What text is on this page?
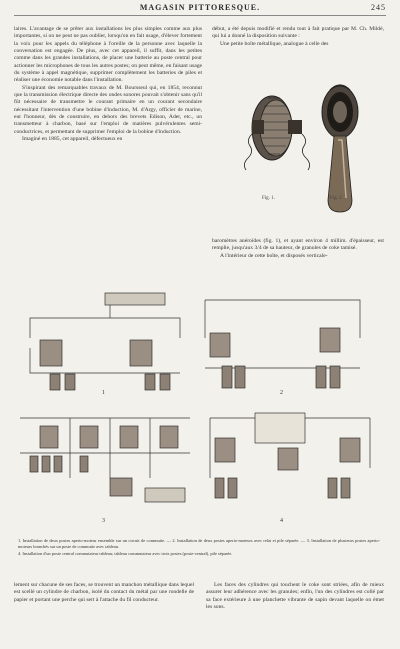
MAGASIN PITTORESQUE.	245

laires. L'avantage de se prêter aux installations les plus simples comme aux plus importantes, si on ne peut ne pas oublier, lorsqu'on en fait usage, d'élever fortement la voix pour les appels du téléphone à l'oreille de la personne avec laquelle la conversation est engagée. De plus, avec cet appareil, il suffit, dans les petites comme dans les grandes installations, de placer une batterie au poste central pour actionner les microphones de tous les autres postes; on peut même, en faisant usage du système à appel magnétique, supprimer complètement les batteries de piles et réaliser une économie notable dans l'installation.

S'inspirant des remarquables travaux de M. Boursseul qui, en 1854, reconnut que la transmission électrique directe des ondes sonores pouvait s'obtenir sans qu'il fût nécessaire de transmettre le courant primaire en un courant secondaire nécessitant l'intervention d'une bobine d'induction, M. d'Argy, officier de marine, eut l'honneur, dès de construire, en dehors des brevets Edison, Ader, etc., un transmetteur à charbon, basé sur l'emploi de matières pulvérulentes semi-conductrices, et permettant de supprimer l'emploi de la bobine d'induction.

Imaginé en 1885, cet appareil, défectueux en

début, a été depuis modifié et rendu tout à fait pratique par M. Ch. Mildé, qui lui a donné la disposition suivante :

Une petite boîte métallique, analogue à celle des

Fig. 1.	Fig. 2.

baromètres anéroïdes (fig. 1), et ayant environ 4 millim. d'épaisseur, est remplie, jusqu'aux 3/4 de sa hauteur, de granules de coke tamisé.

A l'intérieur de cette boîte, et disposés verticale-

1	2
3	4
1. Installation de deux postes aperio-moteur ensemble sur un circuit de commutie. — 2. Installation de deux postes aperio-moteurs avec relai et pile séparée. — 3. Installation de plusieurs postes aperio-moteurs branchés sur un poste de commutie avec tableau.
4. Installation d'un poste central commutateur tableau; tableau commutateur avec trois postes (poste-central), pile séparée.

lement sur chacune de ses faces, se trouvent un manchon métallique dans lequel est scellé un cylindre de charbon, isolé du contact du métal par une rondelle de papier et portant une perche qui sert à l'attache du fil conducteur.

Les faces des cylindres qui touchent le coke sont striées, afin de mieux assurer leur adhérence avec les granules; enfin, l'un des cylindres est collé par sa face extérieure à une planchette vibrante de sapin devant laquelle on émet les sons.
